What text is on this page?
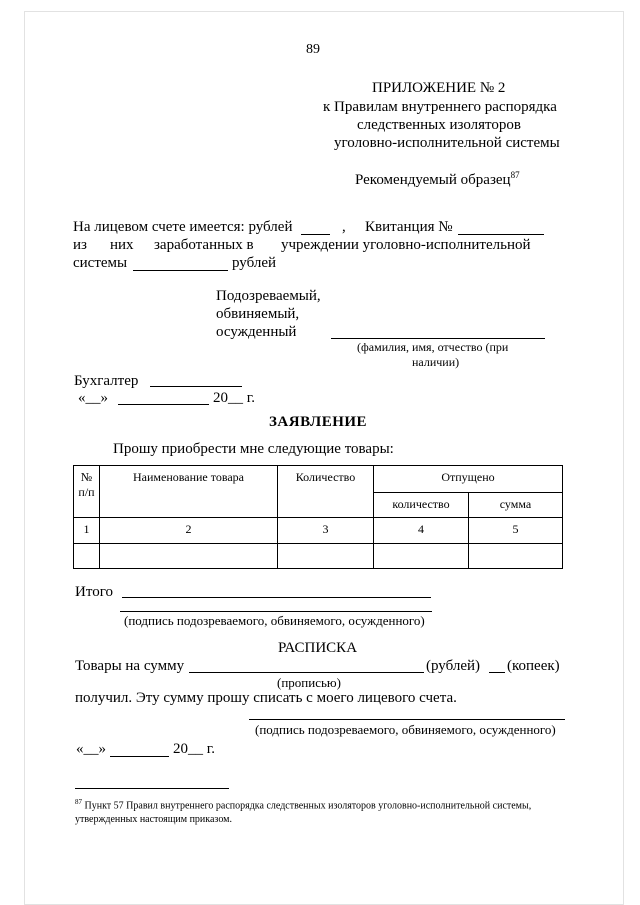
89
ПРИЛОЖЕНИЕ № 2
к Правилам внутреннего распорядка
следственных изоляторов
уголовно-исполнительной системы
Рекомендуемый образец$^{87}$
На лицевом счете имеется: рублей	, Квитанция №
из них заработанных в учреждении уголовно-исполнительной
системы	рублей
Подозреваемый,
обвиняемый,
осужденный
(фамилия, имя, отчество (при
наличии)
Бухгалтер
«__»	20__ г.
ЗАЯВЛЕНИЕ
Прошу приобрести мне следующие товары:
№
п/п	Наименование товара	Количество	Отпущено	
			количество	сумма
1	2	3	4	5

Итого
(подпись подозреваемого, обвиняемого, осужденного)
РАСПИСКА
Товары на сумму	(рублей) (копеек)
(прописью)
получил. Эту сумму прошу списать с моего лицевого счета.
(подпись подозреваемого, обвиняемого, осужденного)
«__»	20__ г.
$^{87}$ Пункт 57 Правил внутреннего распорядка следственных изоляторов уголовно-исполнительной системы,
утвержденных настоящим приказом.
